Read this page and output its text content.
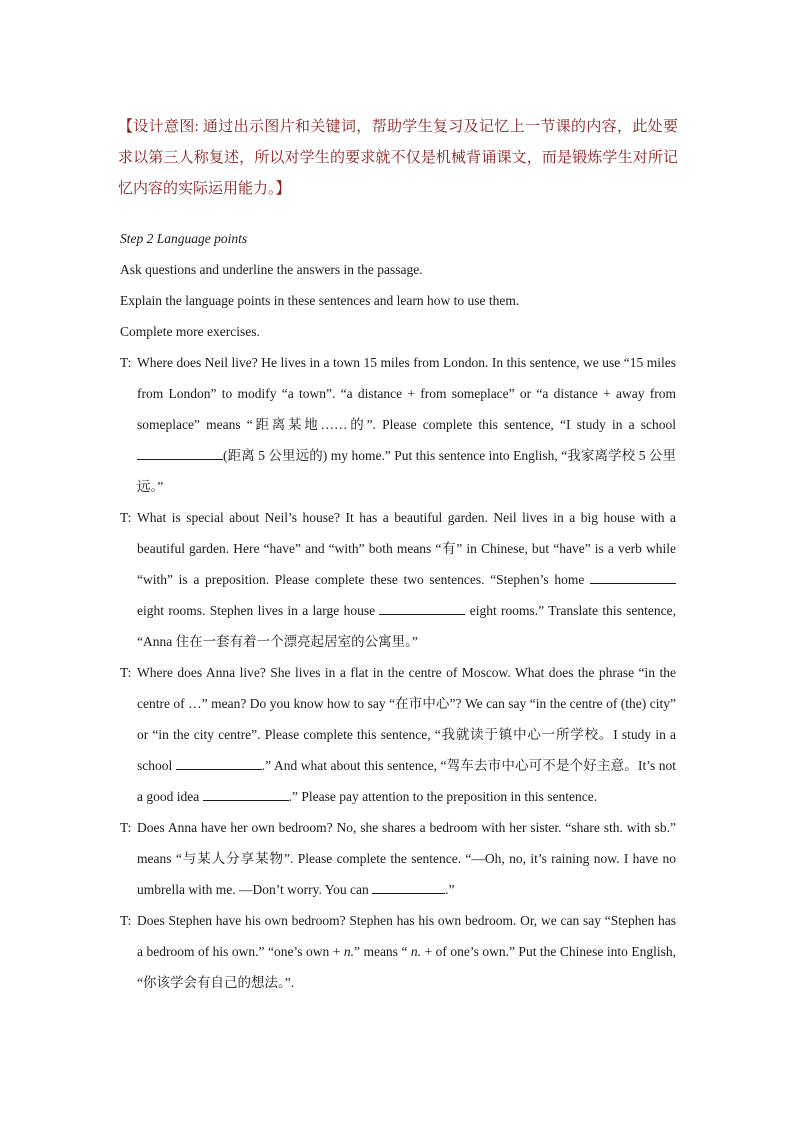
【设计意图: 通过出示图片和关键词，帮助学生复习及记忆上一节课的内容，此处要求以第三人称复述，所以对学生的要求就不仅是机械背诵课文，而是锻炼学生对所记忆内容的实际运用能力。】

Step 2 Language points

Ask questions and underline the answers in the passage.

Explain the language points in these sentences and learn how to use them.

Complete more exercises.

T: Where does Neil live? He lives in a town 15 miles from London. In this sentence, we use “15 miles from London” to modify “a town”. “a distance + from someplace” or “a distance + away from someplace” means “距离某地……的”. Please complete this sentence, “I study in a school (距离 5 公里远的) my home.” Put this sentence into English, “我家离学校 5 公里远。”
T: What is special about Neil’s house? It has a beautiful garden. Neil lives in a big house with a beautiful garden. Here “have” and “with” both means “有” in Chinese, but “have” is a verb while “with” is a preposition. Please complete these two sentences. “Stephen’s home  eight rooms. Stephen lives in a large house	eight rooms.” Translate this sentence, “Anna 住在一套有着一个漂亮起居室的公寓里。”
T: Where does Anna live? She lives in a flat in the centre of Moscow. What does the phrase “in the centre of …” mean? Do you know how to say “在市中心”? We can say “in the centre of (the) city” or “in the city centre”. Please complete this sentence, “我就读于镇中心一所学校。I study in a school	.” And what about this sentence, “驾车去市中心可不是个好主意。It’s not a good idea	.” Please pay attention to the preposition in this sentence.
T: Does Anna have her own bedroom? No, she shares a bedroom with her sister. “share sth. with sb.” means “与某人分享某物”. Please complete the sentence. “—Oh, no, it’s raining now. I have no umbrella with me. —Don’t worry. You can	.”
T: Does Stephen have his own bedroom? Stephen has his own bedroom. Or, we can say “Stephen has a bedroom of his own.” “one’s own + n.” means “ n. + of one’s own.” Put the Chinese into English, “你该学会有自己的想法。”.
